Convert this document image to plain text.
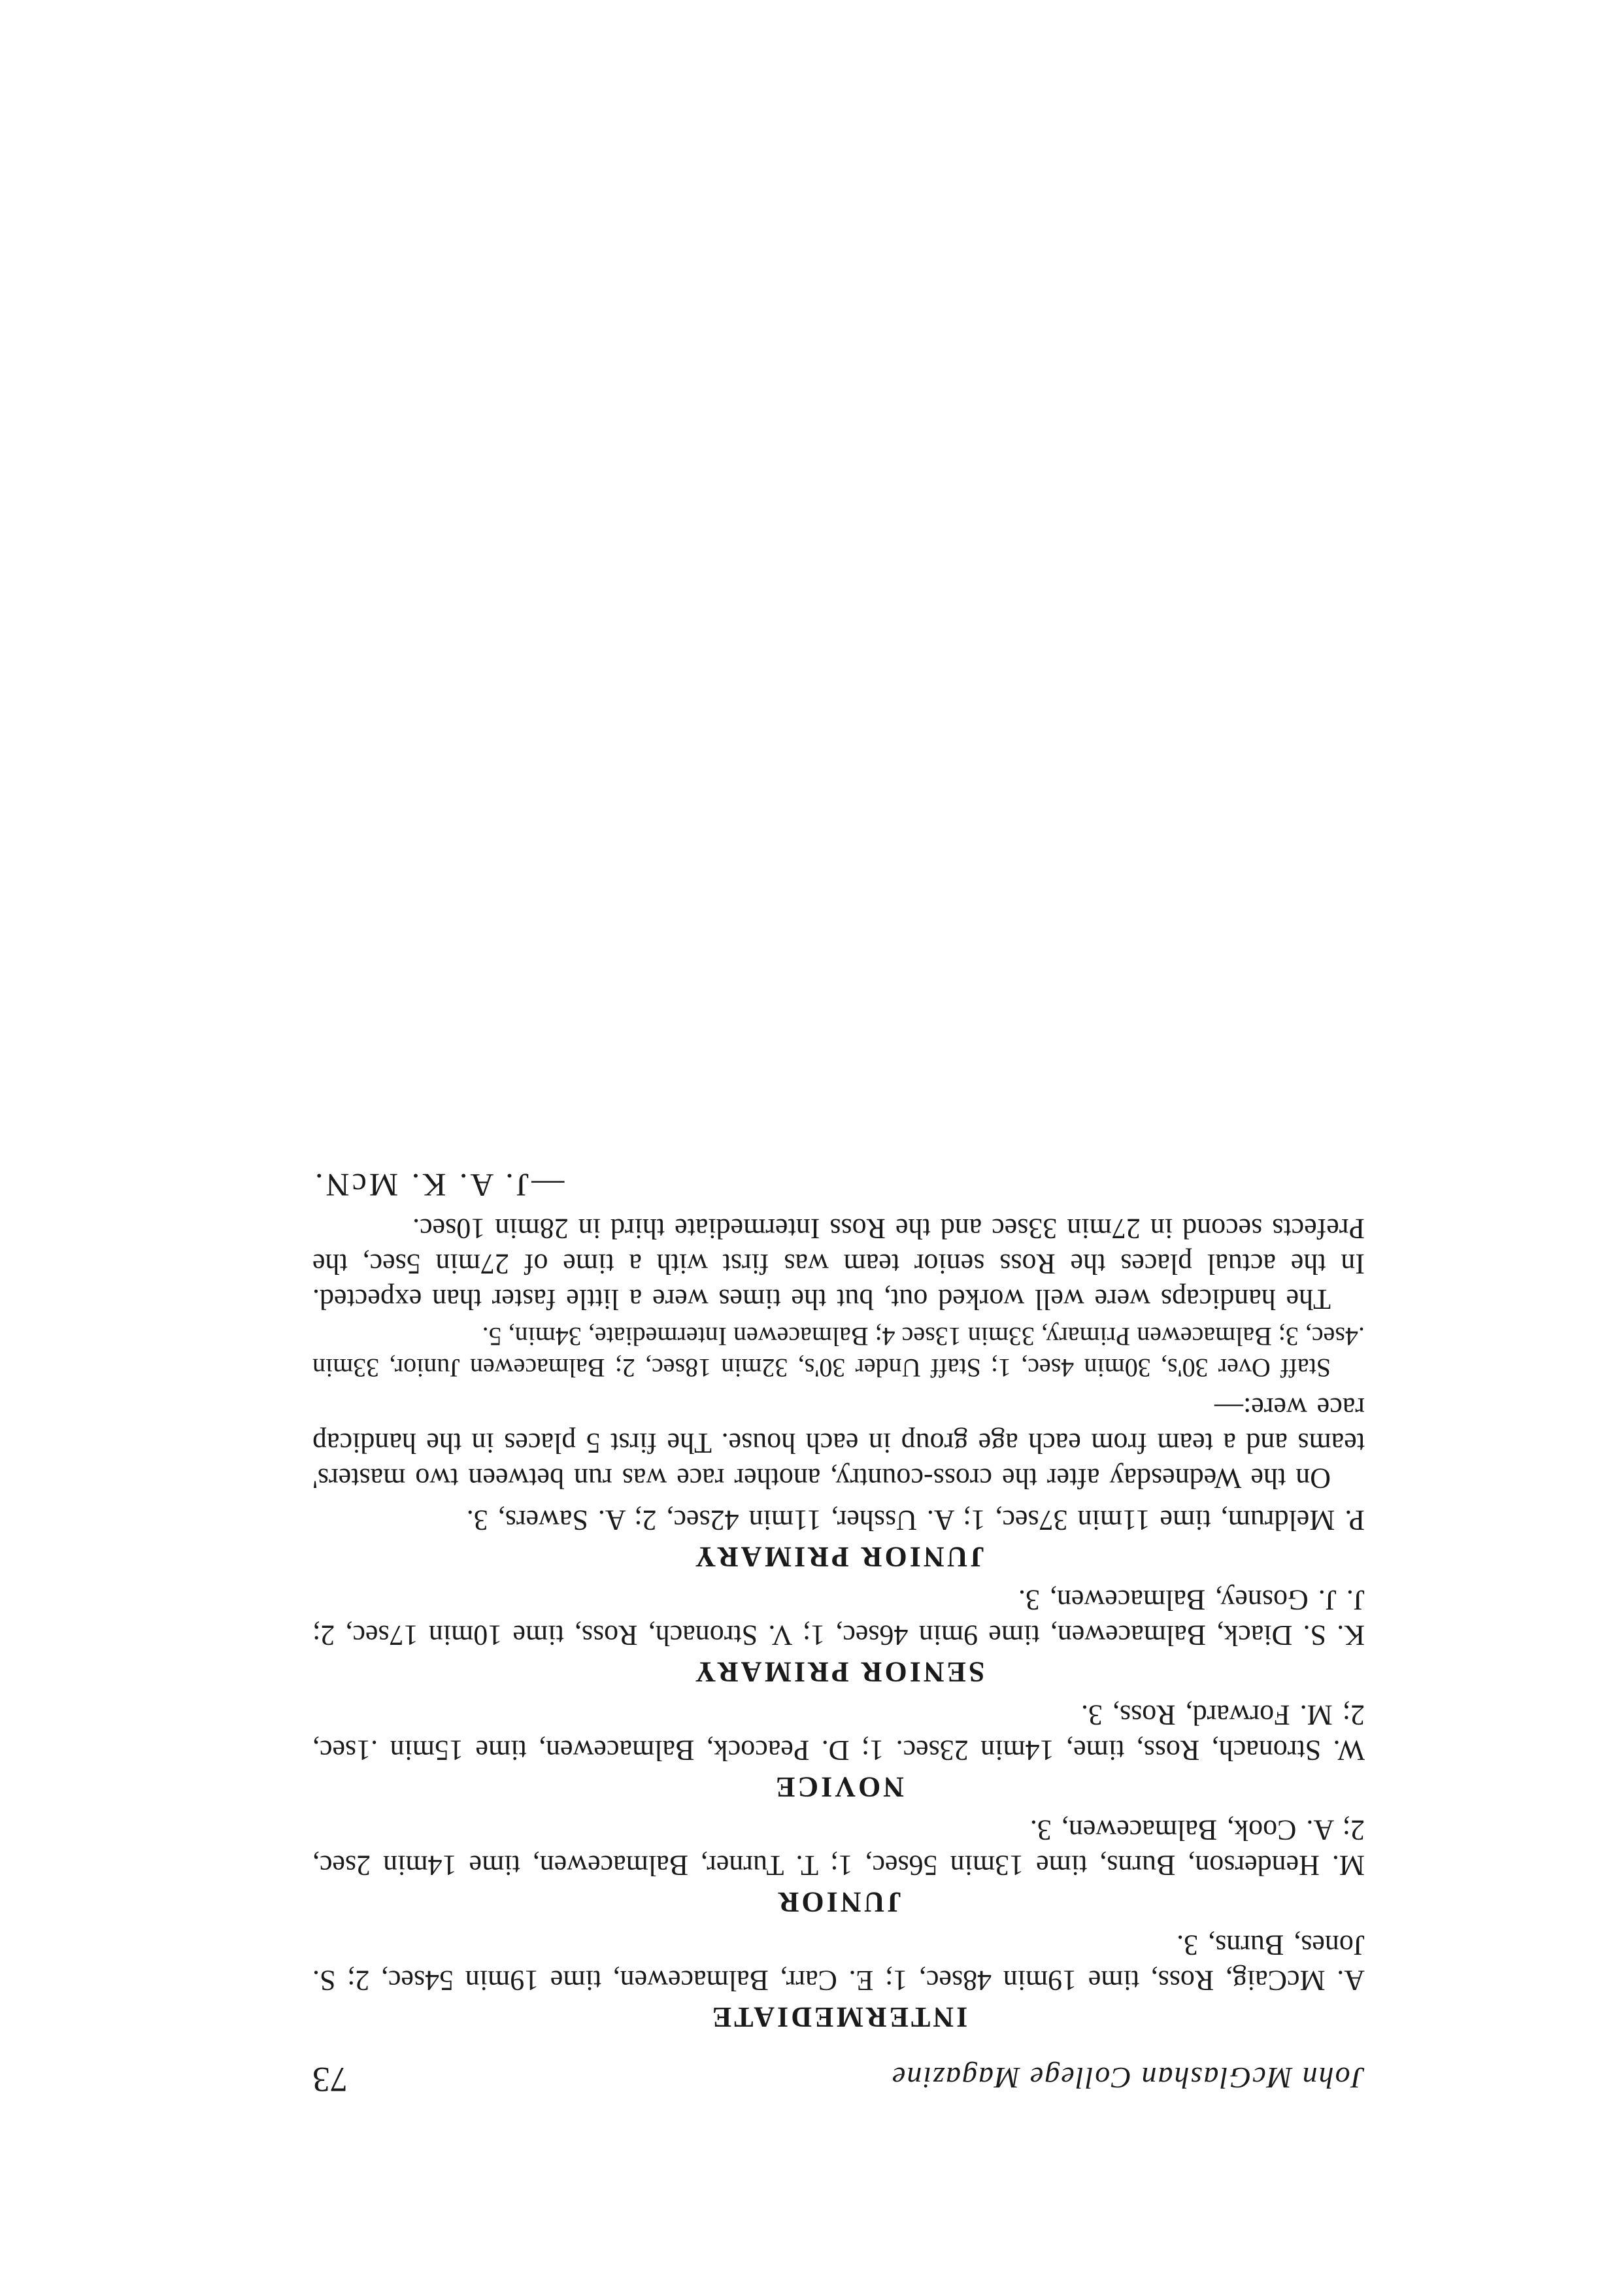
John McGlashan College Magazine
73
INTERMEDIATE

A. McCaig, Ross, time 19min 48sec, 1; E. Carr, Balmacewen, time 19min 54sec, 2; S. Jones, Burns, 3.

JUNIOR

M. Henderson, Burns, time 13min 56sec, 1; T. Turner, Balmacewen, time 14min 2sec, 2; A. Cook, Balmacewen, 3.

NOVICE

W. Stronach, Ross, time, 14min 23sec. 1; D. Peacock, Balmacewen, time 15min .1sec, 2; M. Forward, Ross, 3.

SENIOR PRIMARY

K. S. Diack, Balmacewen, time 9min 46sec, 1; V. Stronach, Ross, time 10min 17sec, 2; J. J. Gosney, Balmacewen, 3.

JUNIOR PRIMARY

P. Meldrum, time 11min 37sec, 1; A. Ussher, 11min 42sec, 2; A. Sawers, 3.

On the Wednesday after the cross-country, another race was run between two masters' teams and a team from each age group in each house. The first 5 places in the handicap race were:—

Staff Over 30's, 30min 4sec, 1; Staff Under 30's, 32min 18sec, 2; Balmacewen Junior, 33min .4sec, 3; Balmacewen Primary, 33min 13sec 4; Balmacewen Intermediate, 34min, 5.

The handicaps were well worked out, but the times were a little faster than expected. In the actual places the Ross senior team was first with a time of 27min 5sec, the Prefects second in 27min 33sec and the Ross Intermediate third in 28min 10sec.

—J. A. K. McN.
